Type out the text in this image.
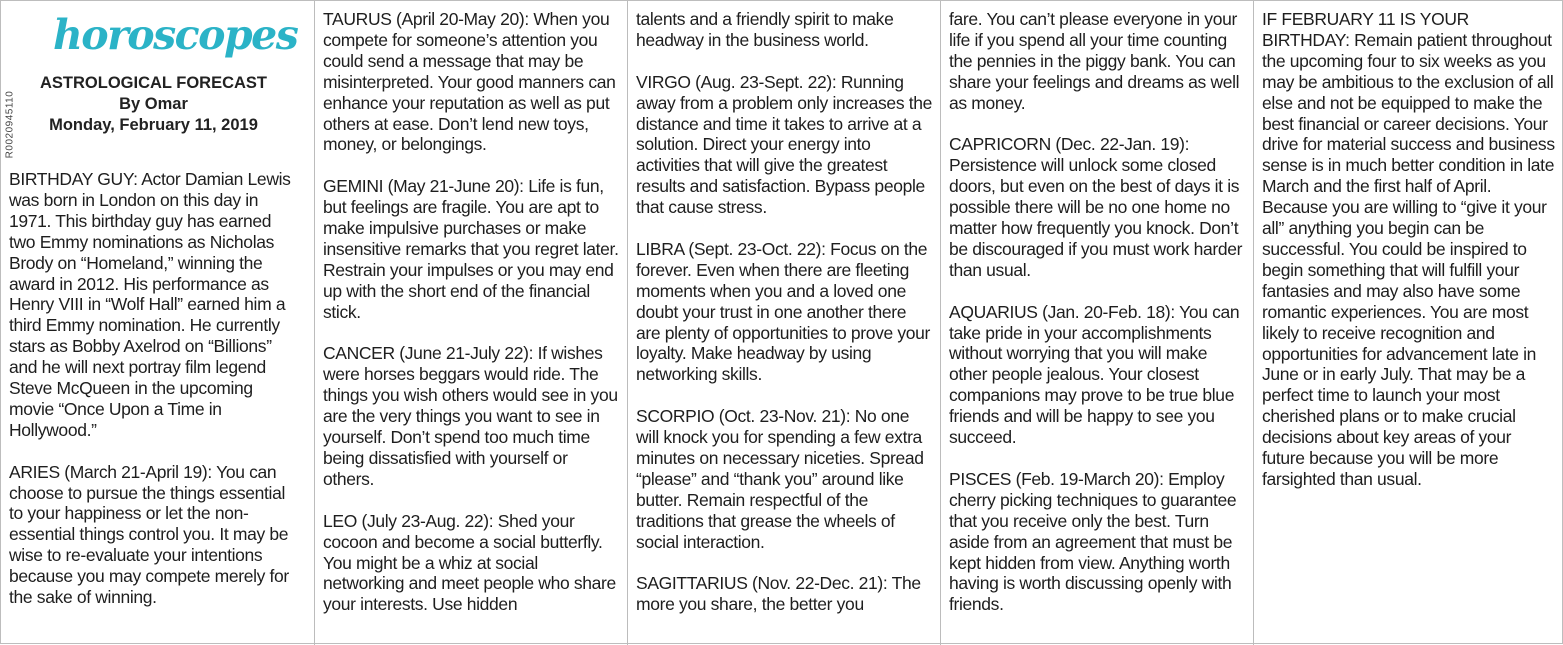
horoscopes
ASTROLOGICAL FORECAST
By Omar
Monday, February 11, 2019
R0020945110

BIRTHDAY GUY: Actor Damian Lewis was born in London on this day in 1971. This birthday guy has earned two Emmy nominations as Nicholas Brody on “Homeland,” winning the award in 2012. His performance as Henry VIII in “Wolf Hall” earned him a third Emmy nomination. He currently stars as Bobby Axelrod on “Billions” and he will next portray film legend Steve McQueen in the upcoming movie “Once Upon a Time in Hollywood.”

ARIES (March 21-April 19): You can choose to pursue the things essential to your happiness or let the non-essential things control you. It may be wise to re-evaluate your intentions because you may compete merely for the sake of winning.

TAURUS (April 20-May 20): When you compete for someone’s attention you could send a message that may be misinterpreted. Your good manners can enhance your reputation as well as put others at ease. Don’t lend new toys, money, or belongings.

GEMINI (May 21-June 20): Life is fun, but feelings are fragile. You are apt to make impulsive purchases or make insensitive remarks that you regret later. Restrain your impulses or you may end up with the short end of the financial stick.

CANCER (June 21-July 22): If wishes were horses beggars would ride. The things you wish others would see in you are the very things you want to see in yourself. Don’t spend too much time being dissatisfied with yourself or others.

LEO (July 23-Aug. 22): Shed your cocoon and become a social butterfly. You might be a whiz at social networking and meet people who share your interests. Use hidden

talents and a friendly spirit to make headway in the business world.

VIRGO (Aug. 23-Sept. 22): Running away from a problem only increases the distance and time it takes to arrive at a solution. Direct your energy into activities that will give the greatest results and satisfaction. Bypass people that cause stress.

LIBRA (Sept. 23-Oct. 22): Focus on the forever. Even when there are fleeting moments when you and a loved one doubt your trust in one another there are plenty of opportunities to prove your loyalty. Make headway by using networking skills.

SCORPIO (Oct. 23-Nov. 21): No one will knock you for spending a few extra minutes on necessary niceties. Spread “please” and “thank you” around like butter. Remain respectful of the traditions that grease the wheels of social interaction.

SAGITTARIUS (Nov. 22-Dec. 21): The more you share, the better you

fare. You can’t please everyone in your life if you spend all your time counting the pennies in the piggy bank. You can share your feelings and dreams as well as money.

CAPRICORN (Dec. 22-Jan. 19): Persistence will unlock some closed doors, but even on the best of days it is possible there will be no one home no matter how frequently you knock. Don’t be discouraged if you must work harder than usual.

AQUARIUS (Jan. 20-Feb. 18): You can take pride in your accomplishments without worrying that you will make other people jealous. Your closest companions may prove to be true blue friends and will be happy to see you succeed.

PISCES (Feb. 19-March 20): Employ cherry picking techniques to guarantee that you receive only the best. Turn aside from an agreement that must be kept hidden from view. Anything worth having is worth discussing openly with friends.

IF FEBRUARY 11 IS YOUR BIRTHDAY: Remain patient throughout the upcoming four to six weeks as you may be ambitious to the exclusion of all else and not be equipped to make the best financial or career decisions. Your drive for material success and business sense is in much better condition in late March and the first half of April. Because you are willing to “give it your all” anything you begin can be successful. You could be inspired to begin something that will fulfill your fantasies and may also have some romantic experiences. You are most likely to receive recognition and opportunities for advancement late in June or in early July. That may be a perfect time to launch your most cherished plans or to make crucial decisions about key areas of your future because you will be more farsighted than usual.
